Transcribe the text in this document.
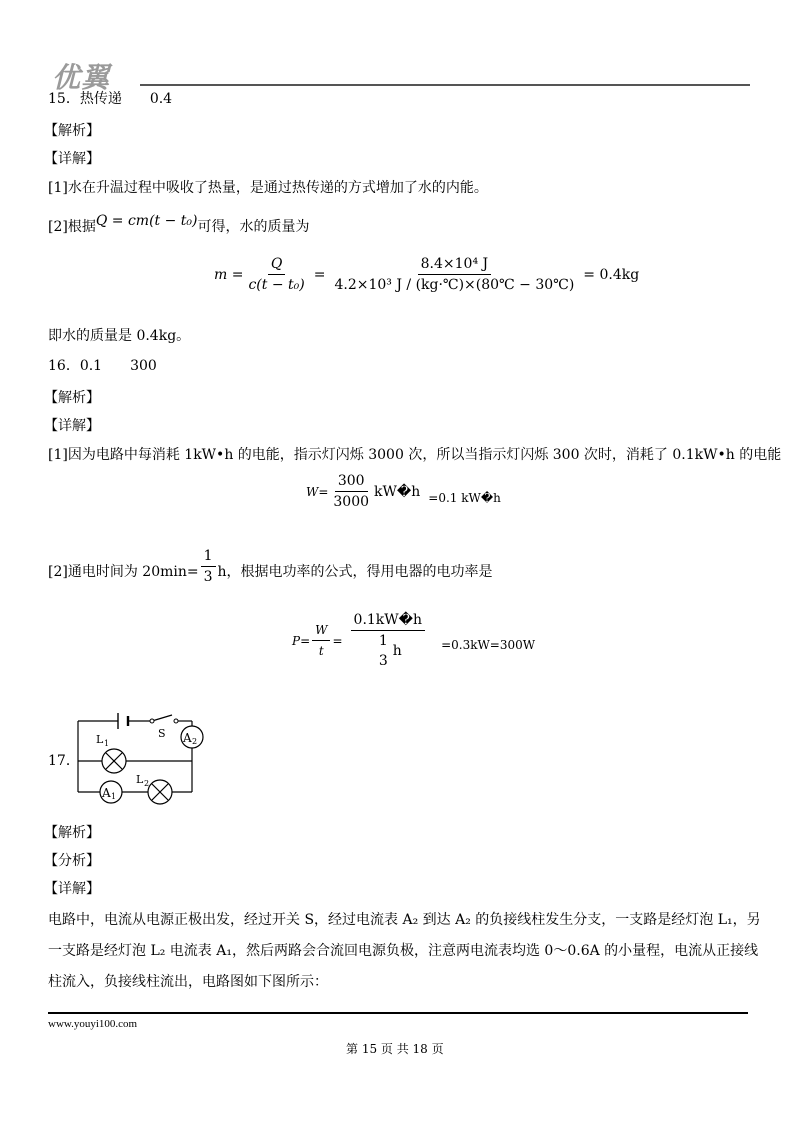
优翼
15．热传递　　0.4
【解析】
【详解】
[1]水在升温过程中吸收了热量，是通过热传递的方式增加了水的内能。
[2]根据Q = cm(t − t₀)可得，水的质量为
$m = \frac{Q}{\text{c(t − t₀)}} = \frac{\text{8.4×10⁴ J}}{\text{4.2×10³ J / (kg·℃)×(80℃ − 30℃)}} = 0.4kg$
即水的质量是 0.4kg。
16．0.1　　300
【解析】
【详解】
[1]因为电路中每消耗 1kW•h 的电能，指示灯闪烁 3000 次，所以当指示灯闪烁 300 次时，消耗了 0.1kW•h 的电能
$W= \frac{300}{3000}$ kW�h =0.1 kW�h
[2]通电时间为 $20\min= \frac{1}{3}$ h，根据电功率的公式，得用电器的电功率是
$P= \frac{W}{t}$ = 0.1kW�h
1
3
h =0.3kW=300W
17．
S A 2
L 1
A 1
L 2
【解析】
【分析】
【详解】
电路中，电流从电源正极出发，经过开关 S，经过电流表 A₂ 到达 A₂ 的负接线柱发生分支，一支路是经灯泡 L₁，另
一支路是经灯泡 L₂ 电流表 A₁，然后两路会合流回电源负极，注意两电流表均选 0～0.6A 的小量程，电流从正接线
柱流入，负接线柱流出，电路图如下图所示：
www.youyi100.com
第 15 页 共 18 页
